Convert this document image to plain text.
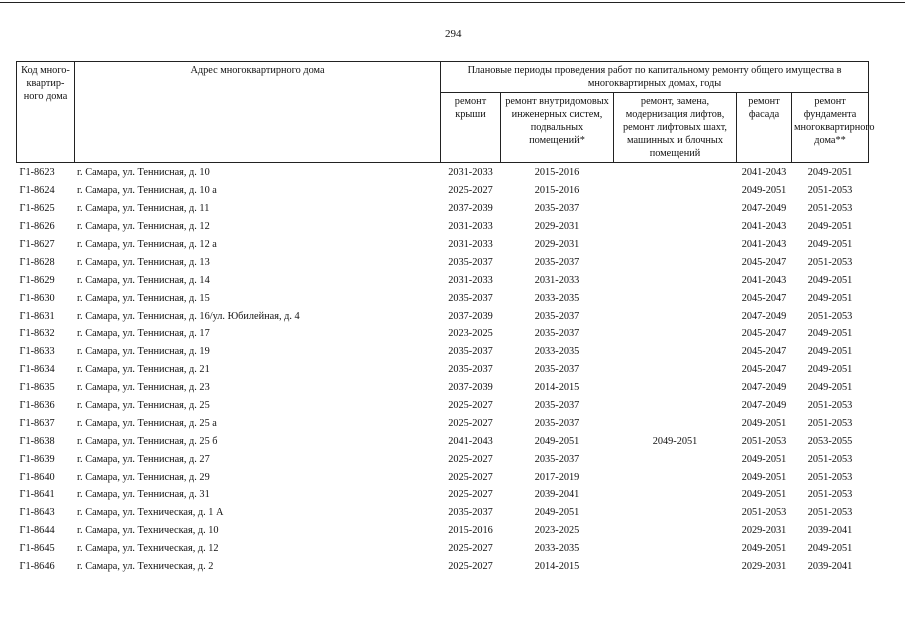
294
Код много-квартир-ного дома	Адрес многоквартирного дома	Плановые периоды проведения работ по капитальному ремонту общего имущества в многоквартирных домах, годы				
		ремонт крыши	ремонт внутридомовых инженерных систем, подвальных помещений*	ремонт, замена, модернизация лифтов, ремонт лифтовых шахт, машинных и блочных помещений	ремонт фасада	ремонт фундамента многоквартирного дома**
Г1-8623	г. Самара, ул. Теннисная, д. 10	2031-2033	2015-2016		2041-2043	2049-2051
Г1-8624	г. Самара, ул. Теннисная, д. 10 а	2025-2027	2015-2016		2049-2051	2051-2053
Г1-8625	г. Самара, ул. Теннисная, д. 11	2037-2039	2035-2037		2047-2049	2051-2053
Г1-8626	г. Самара, ул. Теннисная, д. 12	2031-2033	2029-2031		2041-2043	2049-2051
Г1-8627	г. Самара, ул. Теннисная, д. 12 а	2031-2033	2029-2031		2041-2043	2049-2051
Г1-8628	г. Самара, ул. Теннисная, д. 13	2035-2037	2035-2037		2045-2047	2051-2053
Г1-8629	г. Самара, ул. Теннисная, д. 14	2031-2033	2031-2033		2041-2043	2049-2051
Г1-8630	г. Самара, ул. Теннисная, д. 15	2035-2037	2033-2035		2045-2047	2049-2051
Г1-8631	г. Самара, ул. Теннисная, д. 16/ул. Юбилейная, д. 4	2037-2039	2035-2037		2047-2049	2051-2053
Г1-8632	г. Самара, ул. Теннисная, д. 17	2023-2025	2035-2037		2045-2047	2049-2051
Г1-8633	г. Самара, ул. Теннисная, д. 19	2035-2037	2033-2035		2045-2047	2049-2051
Г1-8634	г. Самара, ул. Теннисная, д. 21	2035-2037	2035-2037		2045-2047	2049-2051
Г1-8635	г. Самара, ул. Теннисная, д. 23	2037-2039	2014-2015		2047-2049	2049-2051
Г1-8636	г. Самара, ул. Теннисная, д. 25	2025-2027	2035-2037		2047-2049	2051-2053
Г1-8637	г. Самара, ул. Теннисная, д. 25 а	2025-2027	2035-2037		2049-2051	2051-2053
Г1-8638	г. Самара, ул. Теннисная, д. 25 б	2041-2043	2049-2051	2049-2051	2051-2053	2053-2055
Г1-8639	г. Самара, ул. Теннисная, д. 27	2025-2027	2035-2037		2049-2051	2051-2053
Г1-8640	г. Самара, ул. Теннисная, д. 29	2025-2027	2017-2019		2049-2051	2051-2053
Г1-8641	г. Самара, ул. Теннисная, д. 31	2025-2027	2039-2041		2049-2051	2051-2053
Г1-8643	г. Самара, ул. Техническая, д. 1 А	2035-2037	2049-2051		2051-2053	2051-2053
Г1-8644	г. Самара, ул. Техническая, д. 10	2015-2016	2023-2025		2029-2031	2039-2041
Г1-8645	г. Самара, ул. Техническая, д. 12	2025-2027	2033-2035		2049-2051	2049-2051
Г1-8646	г. Самара, ул. Техническая, д. 2	2025-2027	2014-2015		2029-2031	2039-2041
